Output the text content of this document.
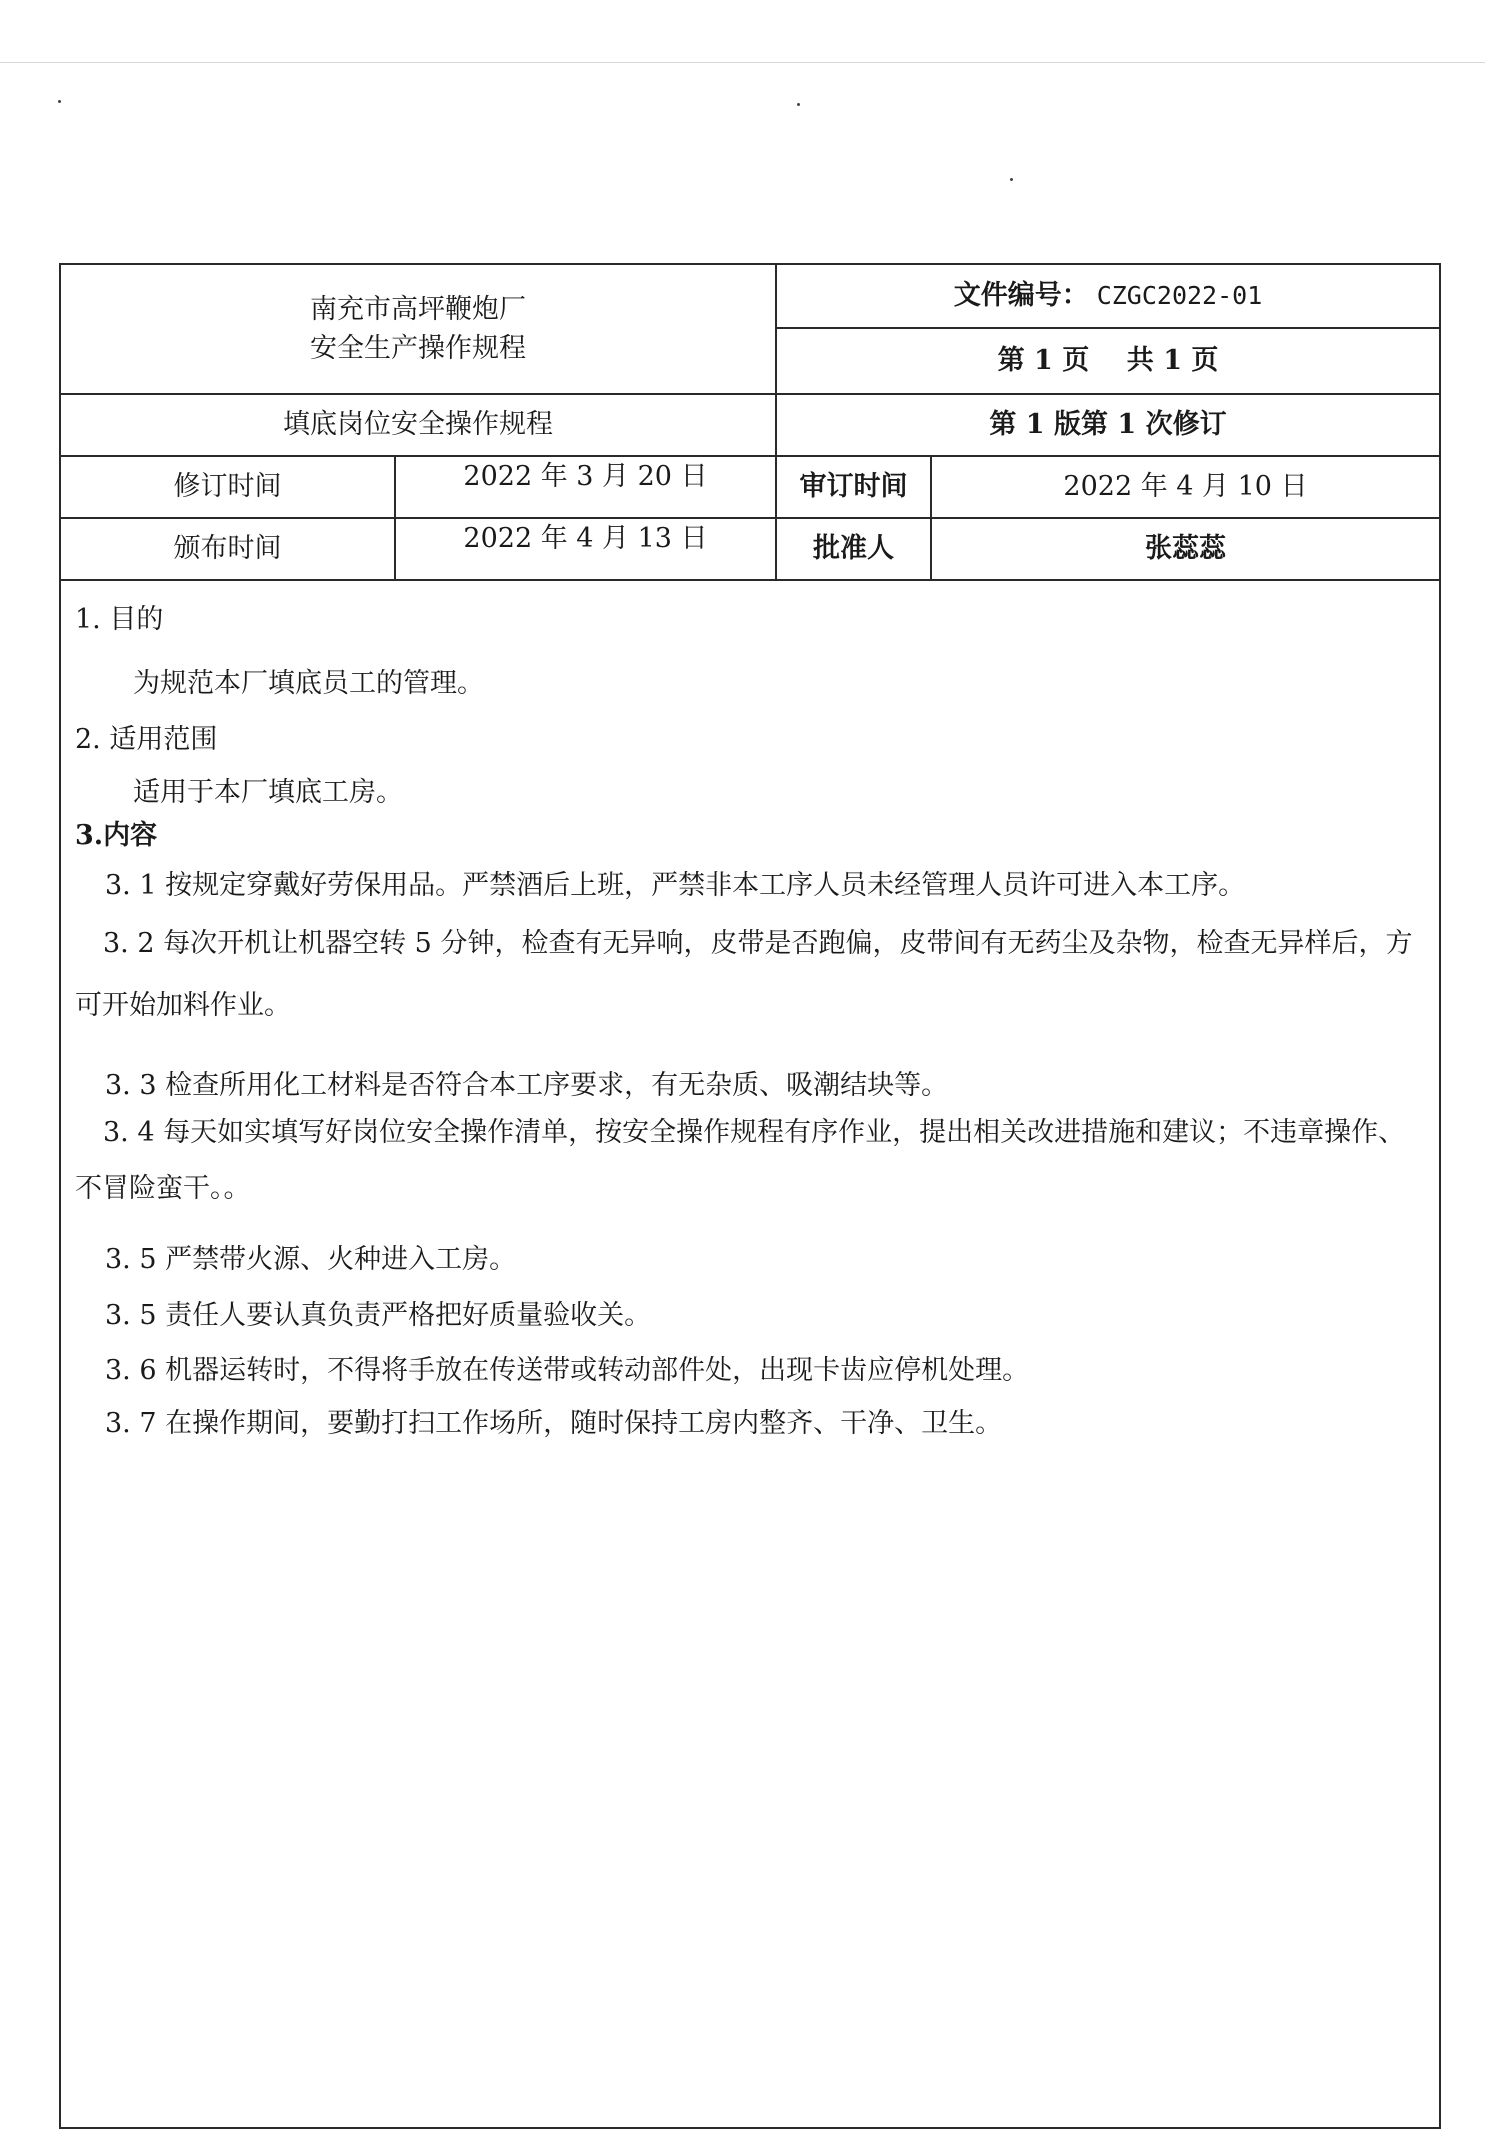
南充市高坪鞭炮厂
安全生产操作规程
文件编号： CZGC2022-01
第 1 页    共 1 页
填底岗位安全操作规程	第 1 版第 1 次修订
修订时间	2022 年 3 月 20 日	审订时间	2022 年 4 月 10 日
颁布时间	2022 年 4 月 13 日	批准人	张蕊蕊
1. 目的
为规范本厂填底员工的管理。
2. 适用范围
适用于本厂填底工房。
3.内容
3. 1 按规定穿戴好劳保用品。严禁酒后上班，严禁非本工序人员未经管理人员许可进入本工序。
3. 2 每次开机让机器空转 5 分钟，检查有无异响，皮带是否跑偏，皮带间有无药尘及杂物，检查无异样后，方可开始加料作业。
3. 3 检查所用化工材料是否符合本工序要求，有无杂质、吸潮结块等。
3. 4 每天如实填写好岗位安全操作清单，按安全操作规程有序作业，提出相关改进措施和建议；不违章操作、不冒险蛮干。。
3. 5 严禁带火源、火种进入工房。
3. 5 责任人要认真负责严格把好质量验收关。
3. 6 机器运转时，不得将手放在传送带或转动部件处，出现卡齿应停机处理。
3. 7 在操作期间，要勤打扫工作场所，随时保持工房内整齐、干净、卫生。
